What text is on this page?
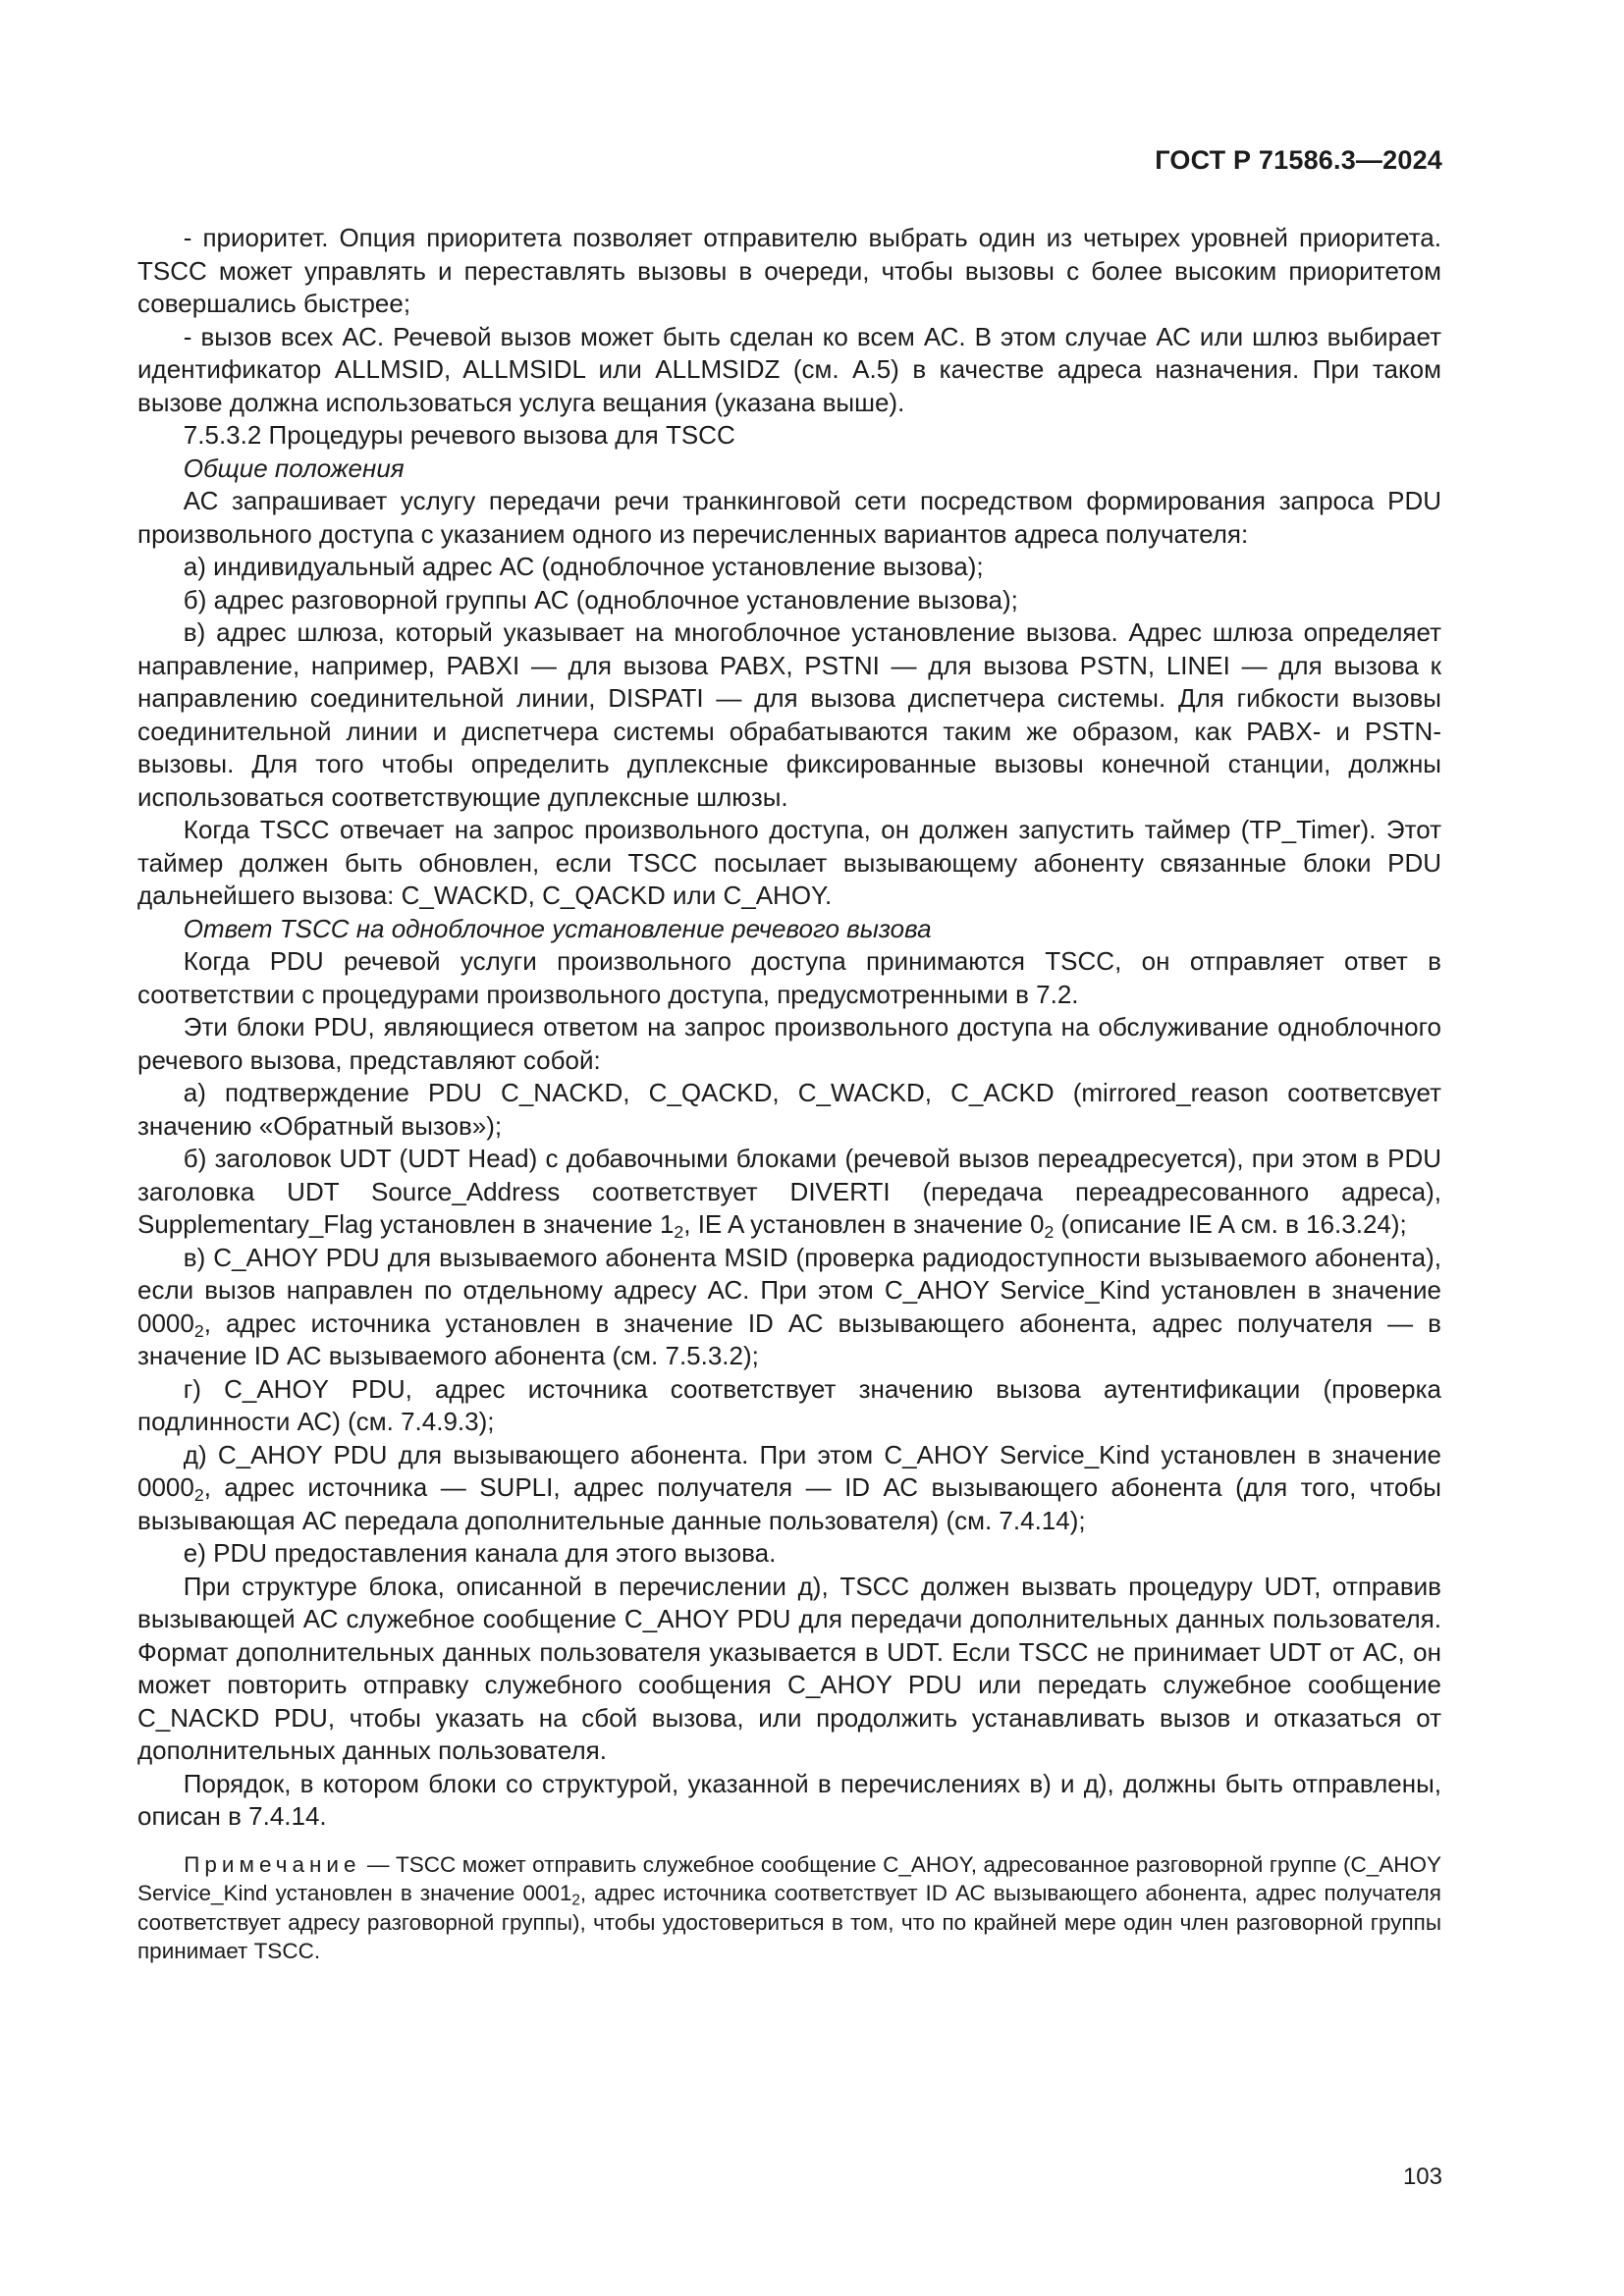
ГОСТ Р 71586.3—2024

- приоритет. Опция приоритета позволяет отправителю выбрать один из четырех уровней приоритета. TSCC может управлять и переставлять вызовы в очереди, чтобы вызовы с более высоким приоритетом совершались быстрее;

- вызов всех АС. Речевой вызов может быть сделан ко всем АС. В этом случае АС или шлюз выбирает идентификатор ALLMSID, ALLMSIDL или ALLMSIDZ (см. А.5) в качестве адреса назначения. При таком вызове должна использоваться услуга вещания (указана выше).

7.5.3.2 Процедуры речевого вызова для TSCC

Общие положения

АС запрашивает услугу передачи речи транкинговой сети посредством формирования запроса PDU произвольного доступа с указанием одного из перечисленных вариантов адреса получателя:

а) индивидуальный адрес АС (одноблочное установление вызова);

б) адрес разговорной группы АС (одноблочное установление вызова);

в) адрес шлюза, который указывает на многоблочное установление вызова. Адрес шлюза определяет направление, например, PABXI — для вызова PABX, PSTNI — для вызова PSTN, LINEI — для вызова к направлению соединительной линии, DISPATI — для вызова диспетчера системы. Для гибкости вызовы соединительной линии и диспетчера системы обрабатываются таким же образом, как PABX- и PSTN-вызовы. Для того чтобы определить дуплексные фиксированные вызовы конечной станции, должны использоваться соответствующие дуплексные шлюзы.

Когда TSCC отвечает на запрос произвольного доступа, он должен запустить таймер (TP_Timer). Этот таймер должен быть обновлен, если TSCC посылает вызывающему абоненту связанные блоки PDU дальнейшего вызова: C_WACKD, C_QACKD или C_AHOY.

Ответ TSCC на одноблочное установление речевого вызова

Когда PDU речевой услуги произвольного доступа принимаются TSCC, он отправляет ответ в соответствии с процедурами произвольного доступа, предусмотренными в 7.2.

Эти блоки PDU, являющиеся ответом на запрос произвольного доступа на обслуживание одноблочного речевого вызова, представляют собой:

а) подтверждение PDU C_NACKD, C_QACKD, C_WACKD, C_ACKD (mirrored_reason соответсвует значению «Обратный вызов»);

б) заголовок UDT (UDT Head) с добавочными блоками (речевой вызов переадресуется), при этом в PDU заголовка UDT Source_Address соответствует DIVERTI (передача переадресованного адреса), Supplementary_Flag установлен в значение $1_2$, IE A установлен в значение $0_2$ (описание IE A см. в 16.3.24);

в) C_AHOY PDU для вызываемого абонента MSID (проверка радиодоступности вызываемого абонента), если вызов направлен по отдельному адресу АС. При этом C_AHOY Service_Kind установлен в значение $0000_2$, адрес источника установлен в значение ID АС вызывающего абонента, адрес получателя — в значение ID АС вызываемого абонента (см. 7.5.3.2);

г) C_AHOY PDU, адрес источника соответствует значению вызова аутентификации (проверка подлинности АС) (см. 7.4.9.3);

д) C_AHOY PDU для вызывающего абонента. При этом C_AHOY Service_Kind установлен в значение $0000_2$, адрес источника — SUPLI, адрес получателя — ID АС вызывающего абонента (для того, чтобы вызывающая АС передала дополнительные данные пользователя) (см. 7.4.14);

е) PDU предоставления канала для этого вызова.

При структуре блока, описанной в перечислении д), TSCC должен вызвать процедуру UDT, отправив вызывающей АС служебное сообщение C_AHOY PDU для передачи дополнительных данных пользователя. Формат дополнительных данных пользователя указывается в UDT. Если TSCC не принимает UDT от АС, он может повторить отправку служебного сообщения C_AHOY PDU или передать служебное сообщение C_NACKD PDU, чтобы указать на сбой вызова, или продолжить устанавливать вызов и отказаться от дополнительных данных пользователя.

Порядок, в котором блоки со структурой, указанной в перечислениях в) и д), должны быть отправлены, описан в 7.4.14.

Примечание — TSCC может отправить служебное сообщение C_AHOY, адресованное разговорной группе (C_AHOY Service_Kind установлен в значение $0001_2$, адрес источника соответствует ID АС вызывающего абонента, адрес получателя соответствует адресу разговорной группы), чтобы удостовериться в том, что по крайней мере один член разговорной группы принимает TSCC.
103
